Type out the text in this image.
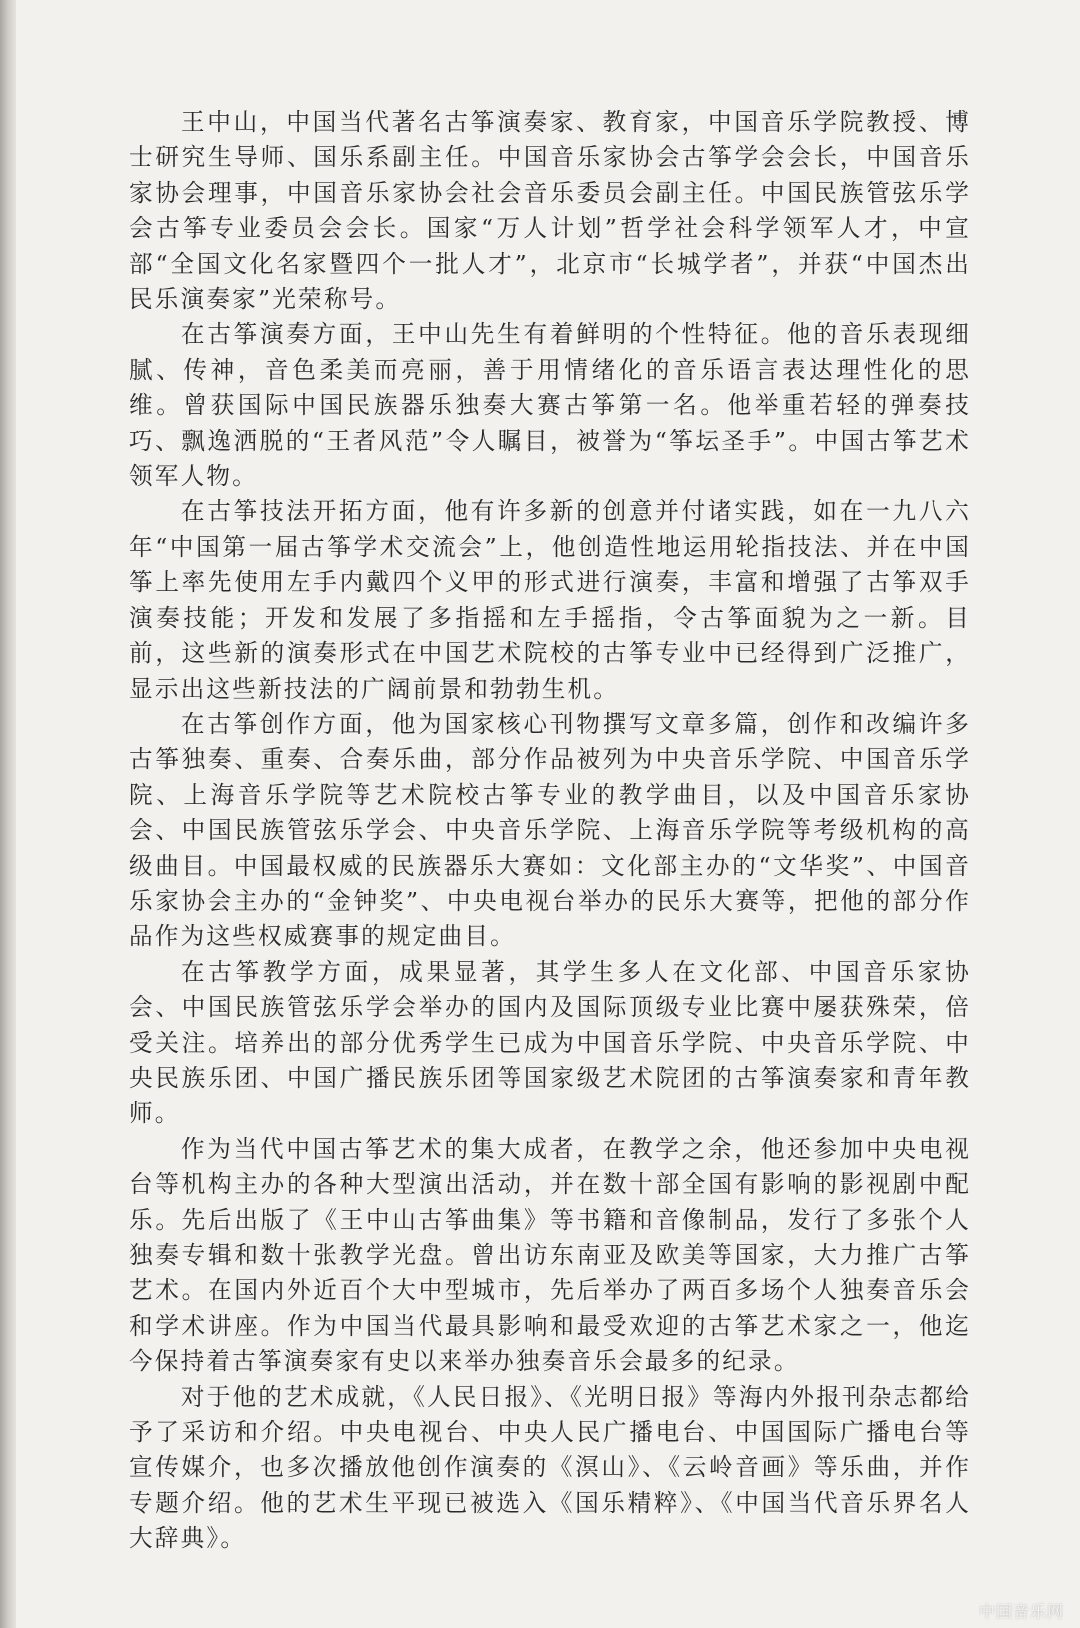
王中山，中国当代著名古筝演奏家、教育家，中国音乐学院教授、博士研究生导师、国乐系副主任。中国音乐家协会古筝学会会长，中国音乐家协会理事，中国音乐家协会社会音乐委员会副主任。中国民族管弦乐学会古筝专业委员会会长。国家“万人计划”哲学社会科学领军人才，中宣部“全国文化名家暨四个一批人才”，北京市“长城学者”，并获“中国杰出民乐演奏家”光荣称号。

在古筝演奏方面，王中山先生有着鲜明的个性特征。他的音乐表现细腻、传神，音色柔美而亮丽，善于用情绪化的音乐语言表达理性化的思维。曾获国际中国民族器乐独奏大赛古筝第一名。他举重若轻的弹奏技巧、飘逸洒脱的“王者风范”令人瞩目，被誉为“筝坛圣手”。中国古筝艺术领军人物。

在古筝技法开拓方面，他有许多新的创意并付诸实践，如在一九八六年“中国第一届古筝学术交流会”上，他创造性地运用轮指技法、并在中国筝上率先使用左手内戴四个义甲的形式进行演奏，丰富和增强了古筝双手演奏技能；开发和发展了多指摇和左手摇指，令古筝面貌为之一新。目前，这些新的演奏形式在中国艺术院校的古筝专业中已经得到广泛推广，显示出这些新技法的广阔前景和勃勃生机。

在古筝创作方面，他为国家核心刊物撰写文章多篇，创作和改编许多古筝独奏、重奏、合奏乐曲，部分作品被列为中央音乐学院、中国音乐学院、上海音乐学院等艺术院校古筝专业的教学曲目，以及中国音乐家协会、中国民族管弦乐学会、中央音乐学院、上海音乐学院等考级机构的高级曲目。中国最权威的民族器乐大赛如：文化部主办的“文华奖”、中国音乐家协会主办的“金钟奖”、中央电视台举办的民乐大赛等，把他的部分作品作为这些权威赛事的规定曲目。

在古筝教学方面，成果显著，其学生多人在文化部、中国音乐家协会、中国民族管弦乐学会举办的国内及国际顶级专业比赛中屡获殊荣，倍受关注。培养出的部分优秀学生已成为中国音乐学院、中央音乐学院、中央民族乐团、中国广播民族乐团等国家级艺术院团的古筝演奏家和青年教师。

作为当代中国古筝艺术的集大成者，在教学之余，他还参加中央电视台等机构主办的各种大型演出活动，并在数十部全国有影响的影视剧中配乐。先后出版了《王中山古筝曲集》等书籍和音像制品，发行了多张个人独奏专辑和数十张教学光盘。曾出访东南亚及欧美等国家，大力推广古筝艺术。在国内外近百个大中型城市，先后举办了两百多场个人独奏音乐会和学术讲座。作为中国当代最具影响和最受欢迎的古筝艺术家之一，他迄今保持着古筝演奏家有史以来举办独奏音乐会最多的纪录。

对于他的艺术成就，《人民日报》、《光明日报》等海内外报刊杂志都给予了采访和介绍。中央电视台、中央人民广播电台、中国国际广播电台等宣传媒介，也多次播放他创作演奏的《溟山》、《云岭音画》等乐曲，并作专题介绍。他的艺术生平现已被选入《国乐精粹》、《中国当代音乐界名人大辞典》。

中国音乐网
